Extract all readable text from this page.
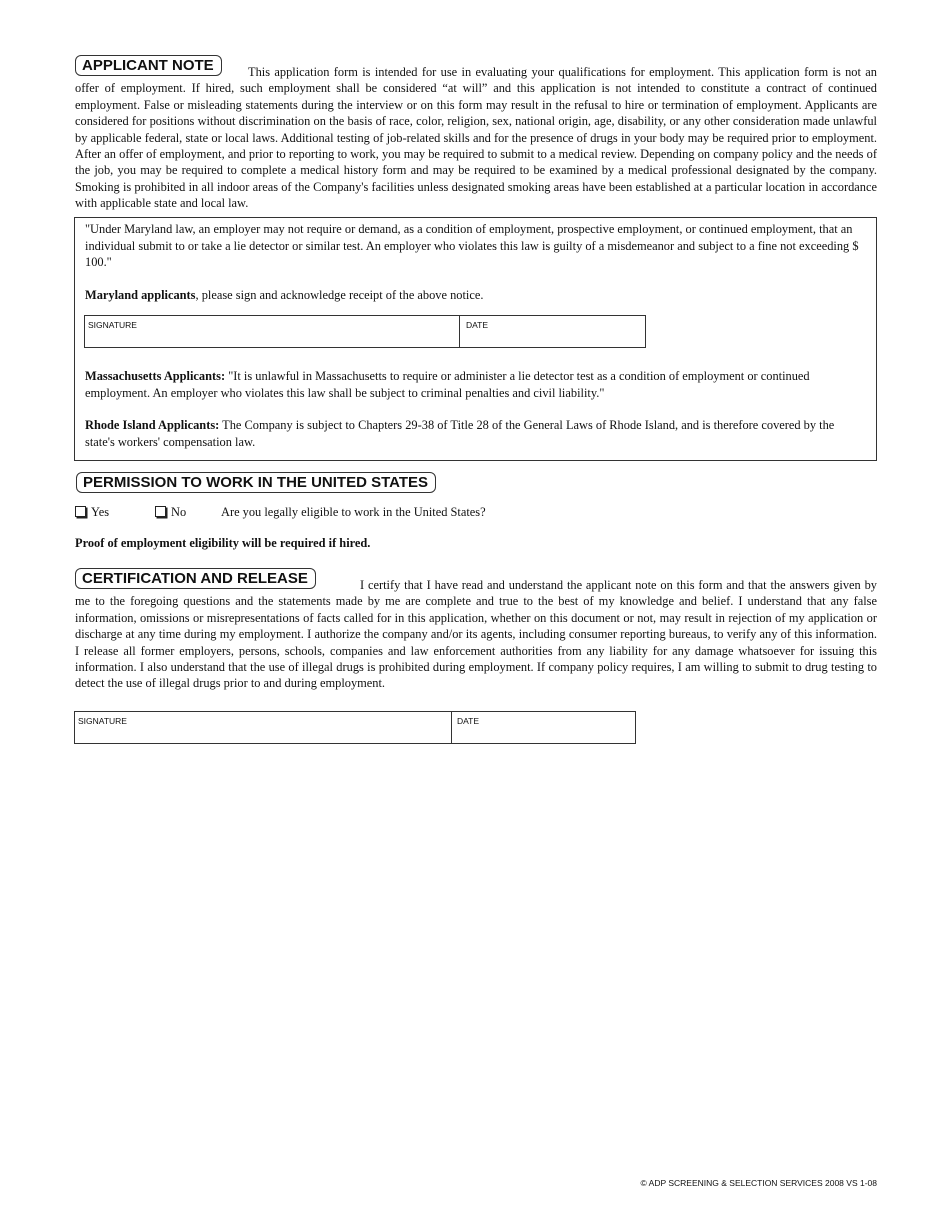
APPLICANT NOTE	This application form is intended for use in evaluating your qualifications for employment. This application form is not an offer of employment. If hired, such employment shall be considered “at will” and this application is not intended to constitute a contract of continued employment. False or misleading statements during the interview or on this form may result in the refusal to hire or termination of employment. Applicants are considered for positions without discrimination on the basis of race, color, religion, sex, national origin, age, disability, or any other consideration made unlawful by applicable federal, state or local laws. Additional testing of job-related skills and for the presence of drugs in your body may be required prior to employment. After an offer of employment, and prior to reporting to work, you may be required to submit to a medical review. Depending on company policy and the needs of the job, you may be required to complete a medical history form and may be required to be examined by a medical professional designated by the company. Smoking is prohibited in all indoor areas of the Company's facilities unless designated smoking areas have been established at a particular location in accordance with applicable state and local law.
"Under Maryland law, an employer may not require or demand, as a condition of employment, prospective employment, or continued employment, that an individual submit to or take a lie detector or similar test. An employer who violates this law is guilty of a misdemeanor and subject to a fine not exceeding $ 100."
Maryland applicants, please sign and acknowledge receipt of the above notice.
SIGNATURE	DATE
Massachusetts Applicants: "It is unlawful in Massachusetts to require or administer a lie detector test as a condition of employment or continued employment. An employer who violates this law shall be subject to criminal penalties and civil liability."
Rhode Island Applicants: The Company is subject to Chapters 29-38 of Title 28 of the General Laws of Rhode Island, and is therefore covered by the state's workers' compensation law.
PERMISSION TO WORK IN THE UNITED STATES
Yes	No	Are you legally eligible to work in the United States?
Proof of employment eligibility will be required if hired.
CERTIFICATION AND RELEASE	I certify that I have read and understand the applicant note on this form and that the answers given by me to the foregoing questions and the statements made by me are complete and true to the best of my knowledge and belief. I understand that any false information, omissions or misrepresentations of facts called for in this application, whether on this document or not, may result in rejection of my application or discharge at any time during my employment. I authorize the company and/or its agents, including consumer reporting bureaus, to verify any of this information. I release all former employers, persons, schools, companies and law enforcement authorities from any liability for any damage whatsoever for issuing this information. I also understand that the use of illegal drugs is prohibited during employment. If company policy requires, I am willing to submit to drug testing to detect the use of illegal drugs prior to and during employment.
SIGNATURE	DATE
© ADP SCREENING & SELECTION SERVICES 2008 VS 1-08
